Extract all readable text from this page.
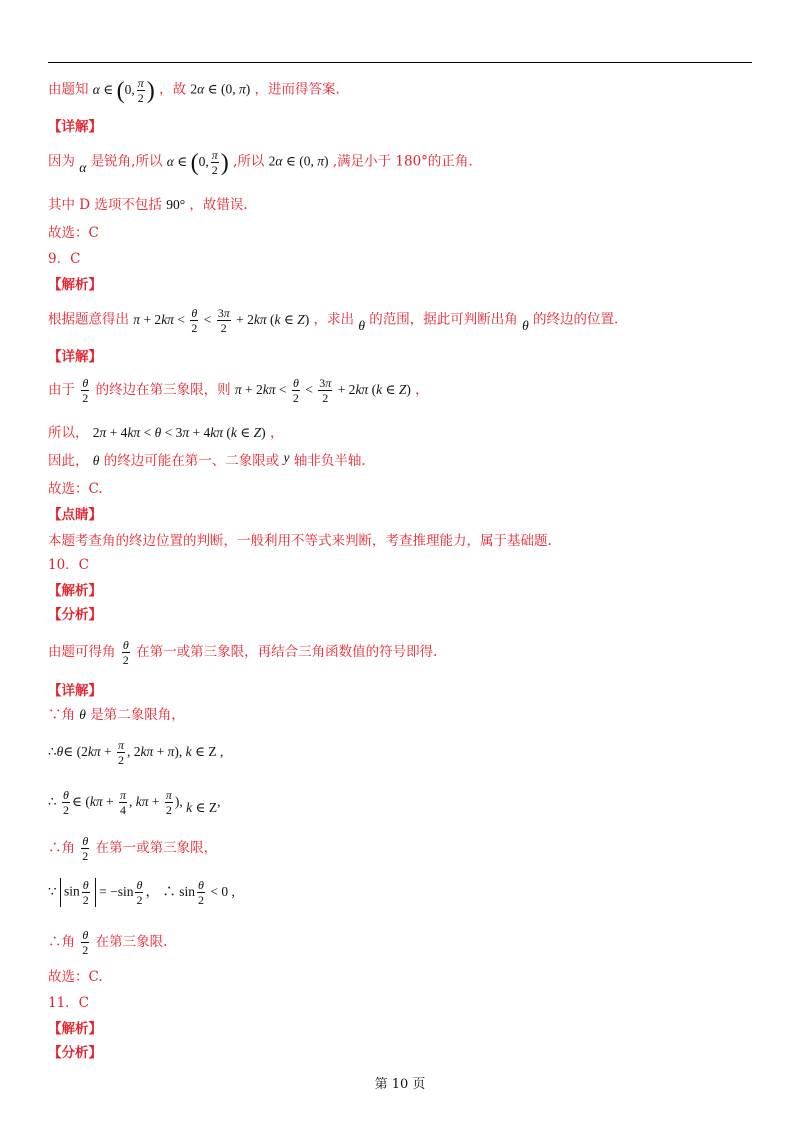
由题知 α ∈ (0, $\frac{\pi}{2}$ ) ，故 2α ∈ (0, π) ，进而得答案.
【详解】
因为 α 是锐角,所以 α ∈ (0, $\frac{\pi}{2}$ ) ,所以 2α ∈ (0, π) ,满足小于 180°的正角.
其中 D 选项不包括 90° ，故错误.
故选：C
9．C
【解析】
根据题意得出 $\pi + 2k\pi < \frac{\theta}{2} < \frac{3\pi}{2} + 2k\pi$ (k ∈ Z) ，求出 θ 的范围，据此可判断出角 θ 的终边的位置.
【详解】
由于 $\frac{\theta}{2}$ 的终边在第三象限，则 $\pi + 2k\pi < \frac{\theta}{2} < \frac{3\pi}{2} + 2k\pi$ (k ∈ Z) ，
所以， 2π + 4kπ < θ < 3π + 4kπ (k ∈ Z) ，
因此， θ 的终边可能在第一、二象限或 y 轴非负半轴.
故选：C.
【点睛】
本题考查角的终边位置的判断，一般利用不等式来判断，考查推理能力，属于基础题.
10．C
【解析】
【分析】
由题可得角 $\frac{\theta}{2}$ 在第一或第三象限，再结合三角函数值的符号即得.
【详解】
∵角 θ 是第二象限角，
∴θ∈ ($2k\pi + \frac{\pi}{2}$ , 2kπ + π), k ∈ Z ,
∴ $\frac{\theta}{2}$ ∈ ($k\pi + \frac{\pi}{4}$ , $k\pi + \frac{\pi}{2}$ ), k ∈ Z,
∴角 $\frac{\theta}{2}$ 在第一或第三象限，
∵ $\sin \frac{\theta}{2} = -\sin \frac{\theta}{2}$ ， ∴ $\sin \frac{\theta}{2} < 0$ ,
∴角 $\frac{\theta}{2}$ 在第三象限.
故选：C.
11．C
【解析】
【分析】
第 10 页
